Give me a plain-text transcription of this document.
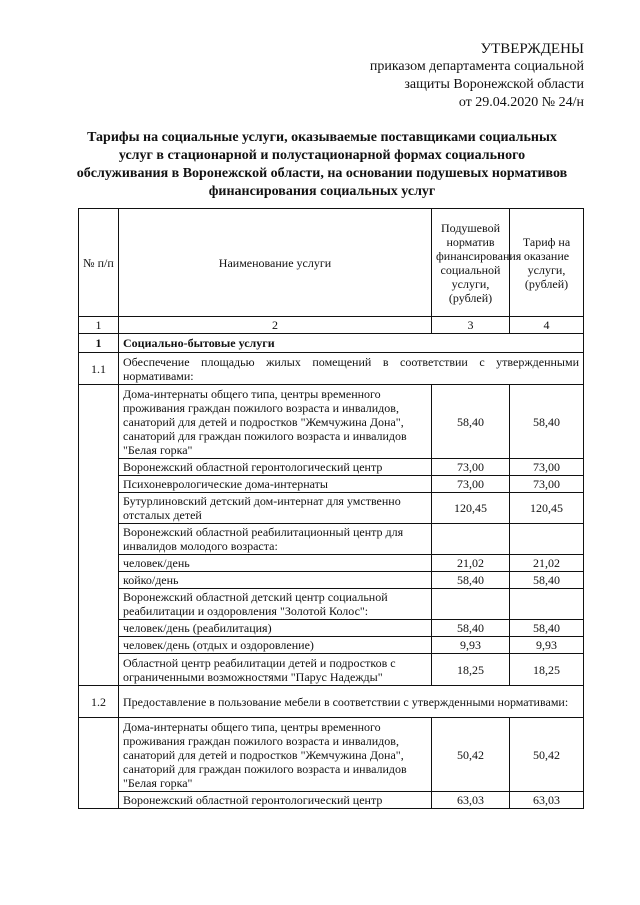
УТВЕРЖДЕНЫ
приказом департамента социальной
защиты Воронежской области
от 29.04.2020 № 24/н
Тарифы на социальные услуги, оказываемые поставщиками социальных услуг в стационарной и полустационарной формах социального обслуживания в Воронежской области, на основании подушевых нормативов финансирования социальных услуг
№ п/п	Наименование услуги	Подушевой норматив финансирования социальной услуги, (рублей)	Тариф на оказание услуги, (рублей)
1	2	3	4
1	Социально-бытовые услуги		
1.1	Обеспечение площадью жилых помещений в соответствии с утвержденными нормативами:		
	Дома-интернаты общего типа, центры временного проживания граждан пожилого возраста и инвалидов, санаторий для детей и подростков "Жемчужина Дона", санаторий для граждан пожилого возраста и инвалидов "Белая горка"	58,40	58,40
	Воронежский областной геронтологический центр	73,00	73,00
	Психоневрологические дома-интернаты	73,00	73,00
	Бутурлиновский детский дом-интернат для умственно отсталых детей	120,45	120,45
	Воронежский областной реабилитационный центр для инвалидов молодого возраста:		
	человек/день	21,02	21,02
	койко/день	58,40	58,40
	Воронежский областной детский центр социальной реабилитации и оздоровления "Золотой Колос":		
	человек/день (реабилитация)	58,40	58,40
	человек/день (отдых и оздоровление)	9,93	9,93
	Областной центр реабилитации детей и подростков с ограниченными возможностями "Парус Надежды"	18,25	18,25
1.2	Предоставление в пользование мебели в соответствии с утвержденными нормативами:		
	Дома-интернаты общего типа, центры временного проживания граждан пожилого возраста и инвалидов, санаторий для детей и подростков "Жемчужина Дона", санаторий для граждан пожилого возраста и инвалидов "Белая горка"	50,42	50,42
	Воронежский областной геронтологический центр	63,03	63,03
